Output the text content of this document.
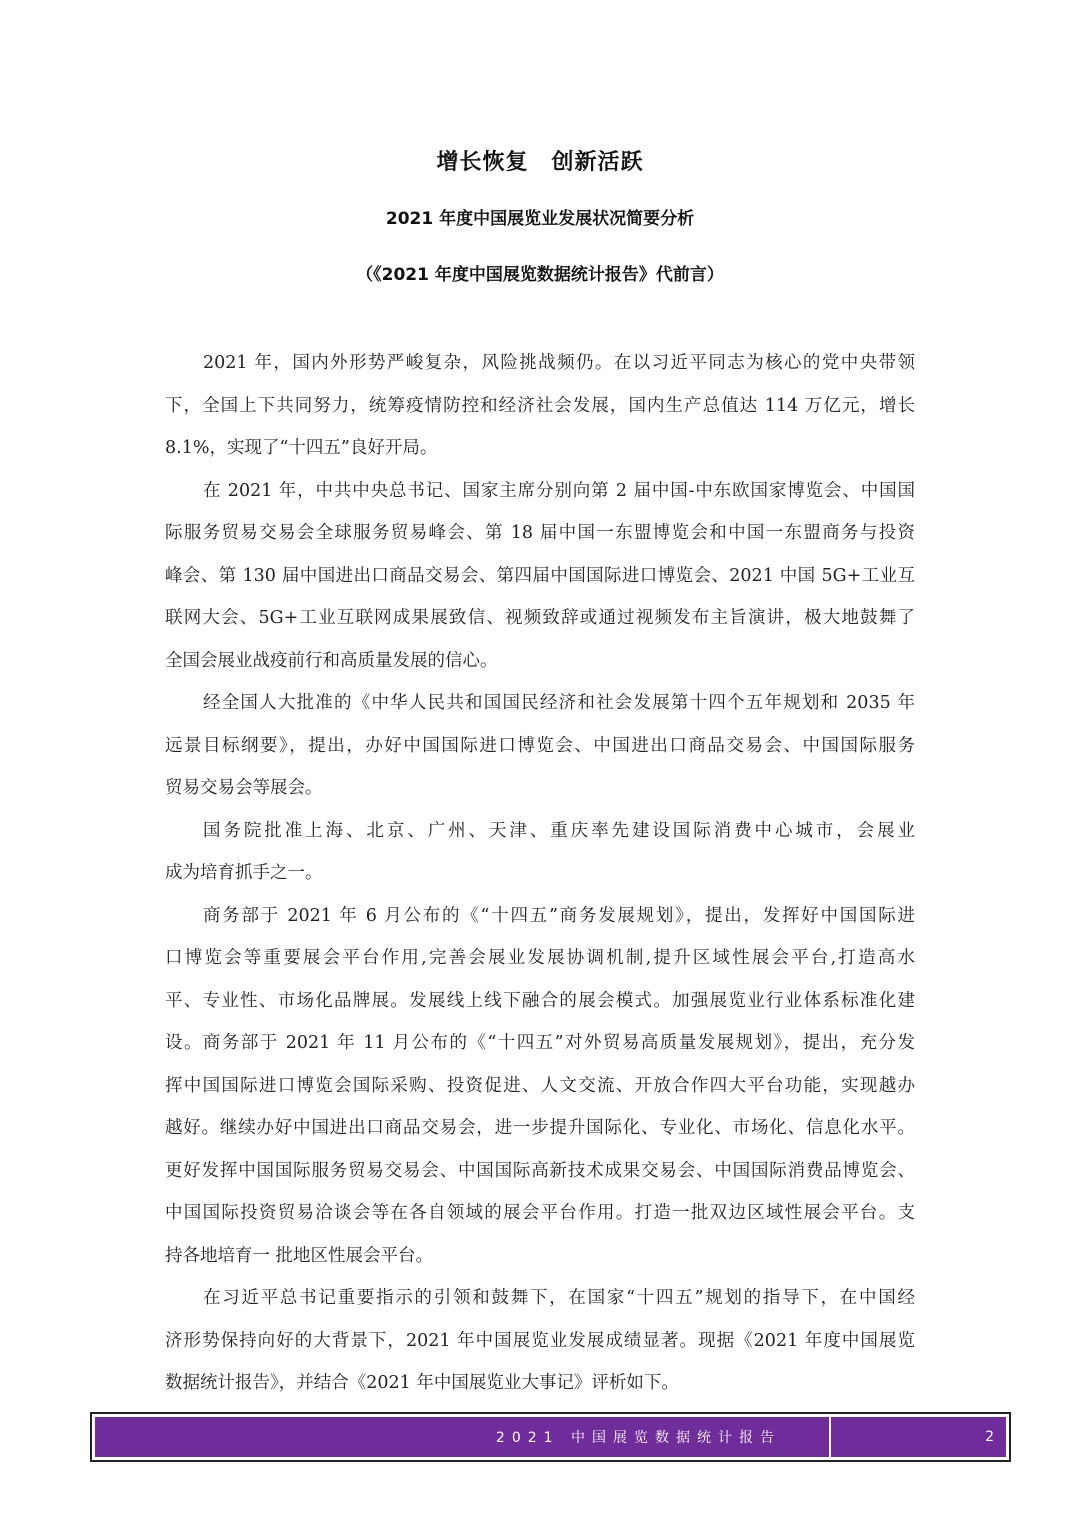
增长恢复　创新活跃
2021 年度中国展览业发展状况简要分析
（《2021 年度中国展览数据统计报告》代前言）
2021 年，国内外形势严峻复杂，风险挑战频仍。在以习近平同志为核心的党中央带领
下，全国上下共同努力，统筹疫情防控和经济社会发展，国内生产总值达 114 万亿元，增长
8.1%，实现了“十四五”良好开局。
在 2021 年，中共中央总书记、国家主席分别向第 2 届中国-中东欧国家博览会、中国国
际服务贸易交易会全球服务贸易峰会、第 18 届中国一东盟博览会和中国一东盟商务与投资
峰会、第 130 届中国进出口商品交易会、第四届中国国际进口博览会、2021 中国 5G+工业互
联网大会、5G+工业互联网成果展致信、视频致辞或通过视频发布主旨演讲，极大地鼓舞了
全国会展业战疫前行和高质量发展的信心。
经全国人大批准的《中华人民共和国国民经济和社会发展第十四个五年规划和 2035 年
远景目标纲要》，提出，办好中国国际进口博览会、中国进出口商品交易会、中国国际服务
贸易交易会等展会。
国务院批准上海、北京、广州、天津、重庆率先建设国际消费中心城市，会展业
成为培育抓手之一。
商务部于 2021 年 6 月公布的《“十四五”商务发展规划》，提出，发挥好中国国际进
口博览会等重要展会平台作用,完善会展业发展协调机制,提升区域性展会平台,打造高水
平、专业性、市场化品牌展。发展线上线下融合的展会模式。加强展览业行业体系标准化建
设。商务部于 2021 年 11 月公布的《“十四五”对外贸易高质量发展规划》，提出，充分发
挥中国国际进口博览会国际采购、投资促进、人文交流、开放合作四大平台功能，实现越办
越好。继续办好中国进出口商品交易会，进一步提升国际化、专业化、市场化、信息化水平。
更好发挥中国国际服务贸易交易会、中国国际高新技术成果交易会、中国国际消费品博览会、
中国国际投资贸易洽谈会等在各自领域的展会平台作用。打造一批双边区域性展会平台。支
持各地培育一 批地区性展会平台。
在习近平总书记重要指示的引领和鼓舞下，在国家“十四五”规划的指导下，在中国经
济形势保持向好的大背景下，2021 年中国展览业发展成绩显著。现据《2021 年度中国展览
数据统计报告》，并结合《2021 年中国展览业大事记》评析如下。
2021 中国展览数据统计报告	2
